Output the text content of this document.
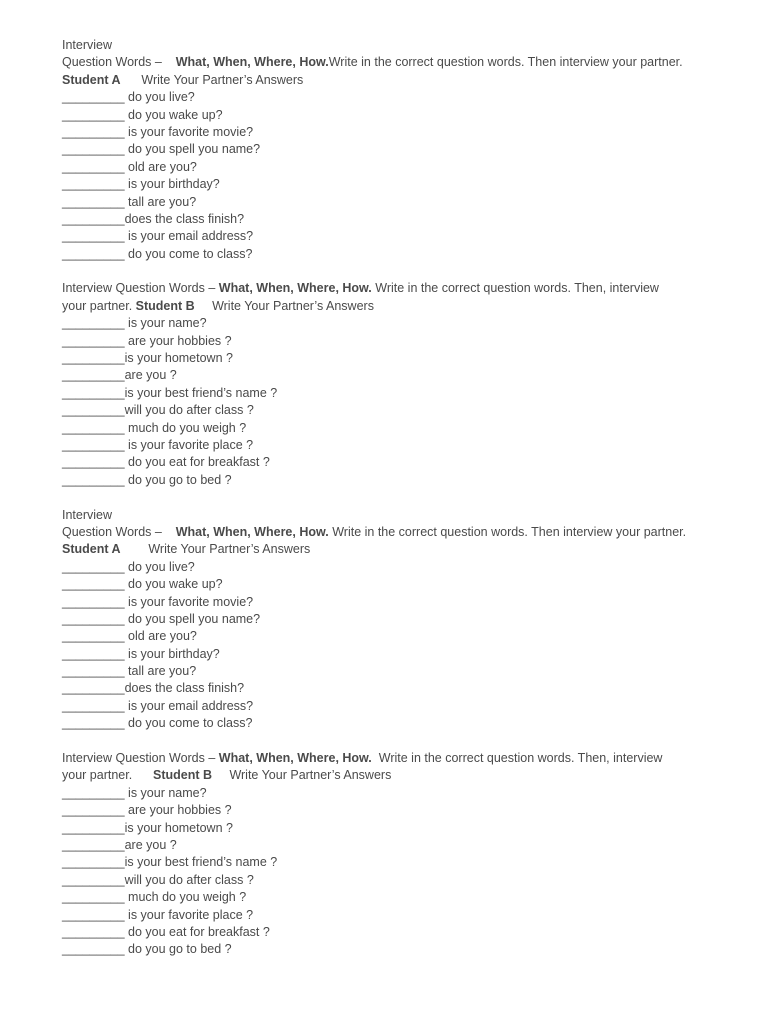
Interview
Question Words –    What, When, Where, How.Write in the correct question words. Then interview your partner.
Student A Write Your Partner’s Answers
_________ do you live?
_________ do you wake up?
_________ is your favorite movie?
_________ do you spell you name?
_________ old are you?
_________ is your birthday?
_________ tall are you?
_________does the class finish?
_________ is your email address?
_________ do you come to class?
Interview Question Words – What, When, Where, How. Write in the correct question words. Then, interview
your partner. Student B Write Your Partner’s Answers
_________ is your name?
_________ are your hobbies ?
_________is your hometown ?
_________are you ?
_________is your best friend’s name ?
_________will you do after class ?
_________ much do you weigh ?
_________ is your favorite place ?
_________ do you eat for breakfast ?
_________ do you go to bed ?
Interview
Question Words –    What, When, Where, How. Write in the correct question words. Then interview your partner.
Student A Write Your Partner’s Answers
_________ do you live?
_________ do you wake up?
_________ is your favorite movie?
_________ do you spell you name?
_________ old are you?
_________ is your birthday?
_________ tall are you?
_________does the class finish?
_________ is your email address?
_________ do you come to class?
Interview Question Words – What, When, Where, How.  Write in the correct question words. Then, interview
your partner.      Student B Write Your Partner’s Answers
_________ is your name?
_________ are your hobbies ?
_________is your hometown ?
_________are you ?
_________is your best friend’s name ?
_________will you do after class ?
_________ much do you weigh ?
_________ is your favorite place ?
_________ do you eat for breakfast ?
_________ do you go to bed ?
